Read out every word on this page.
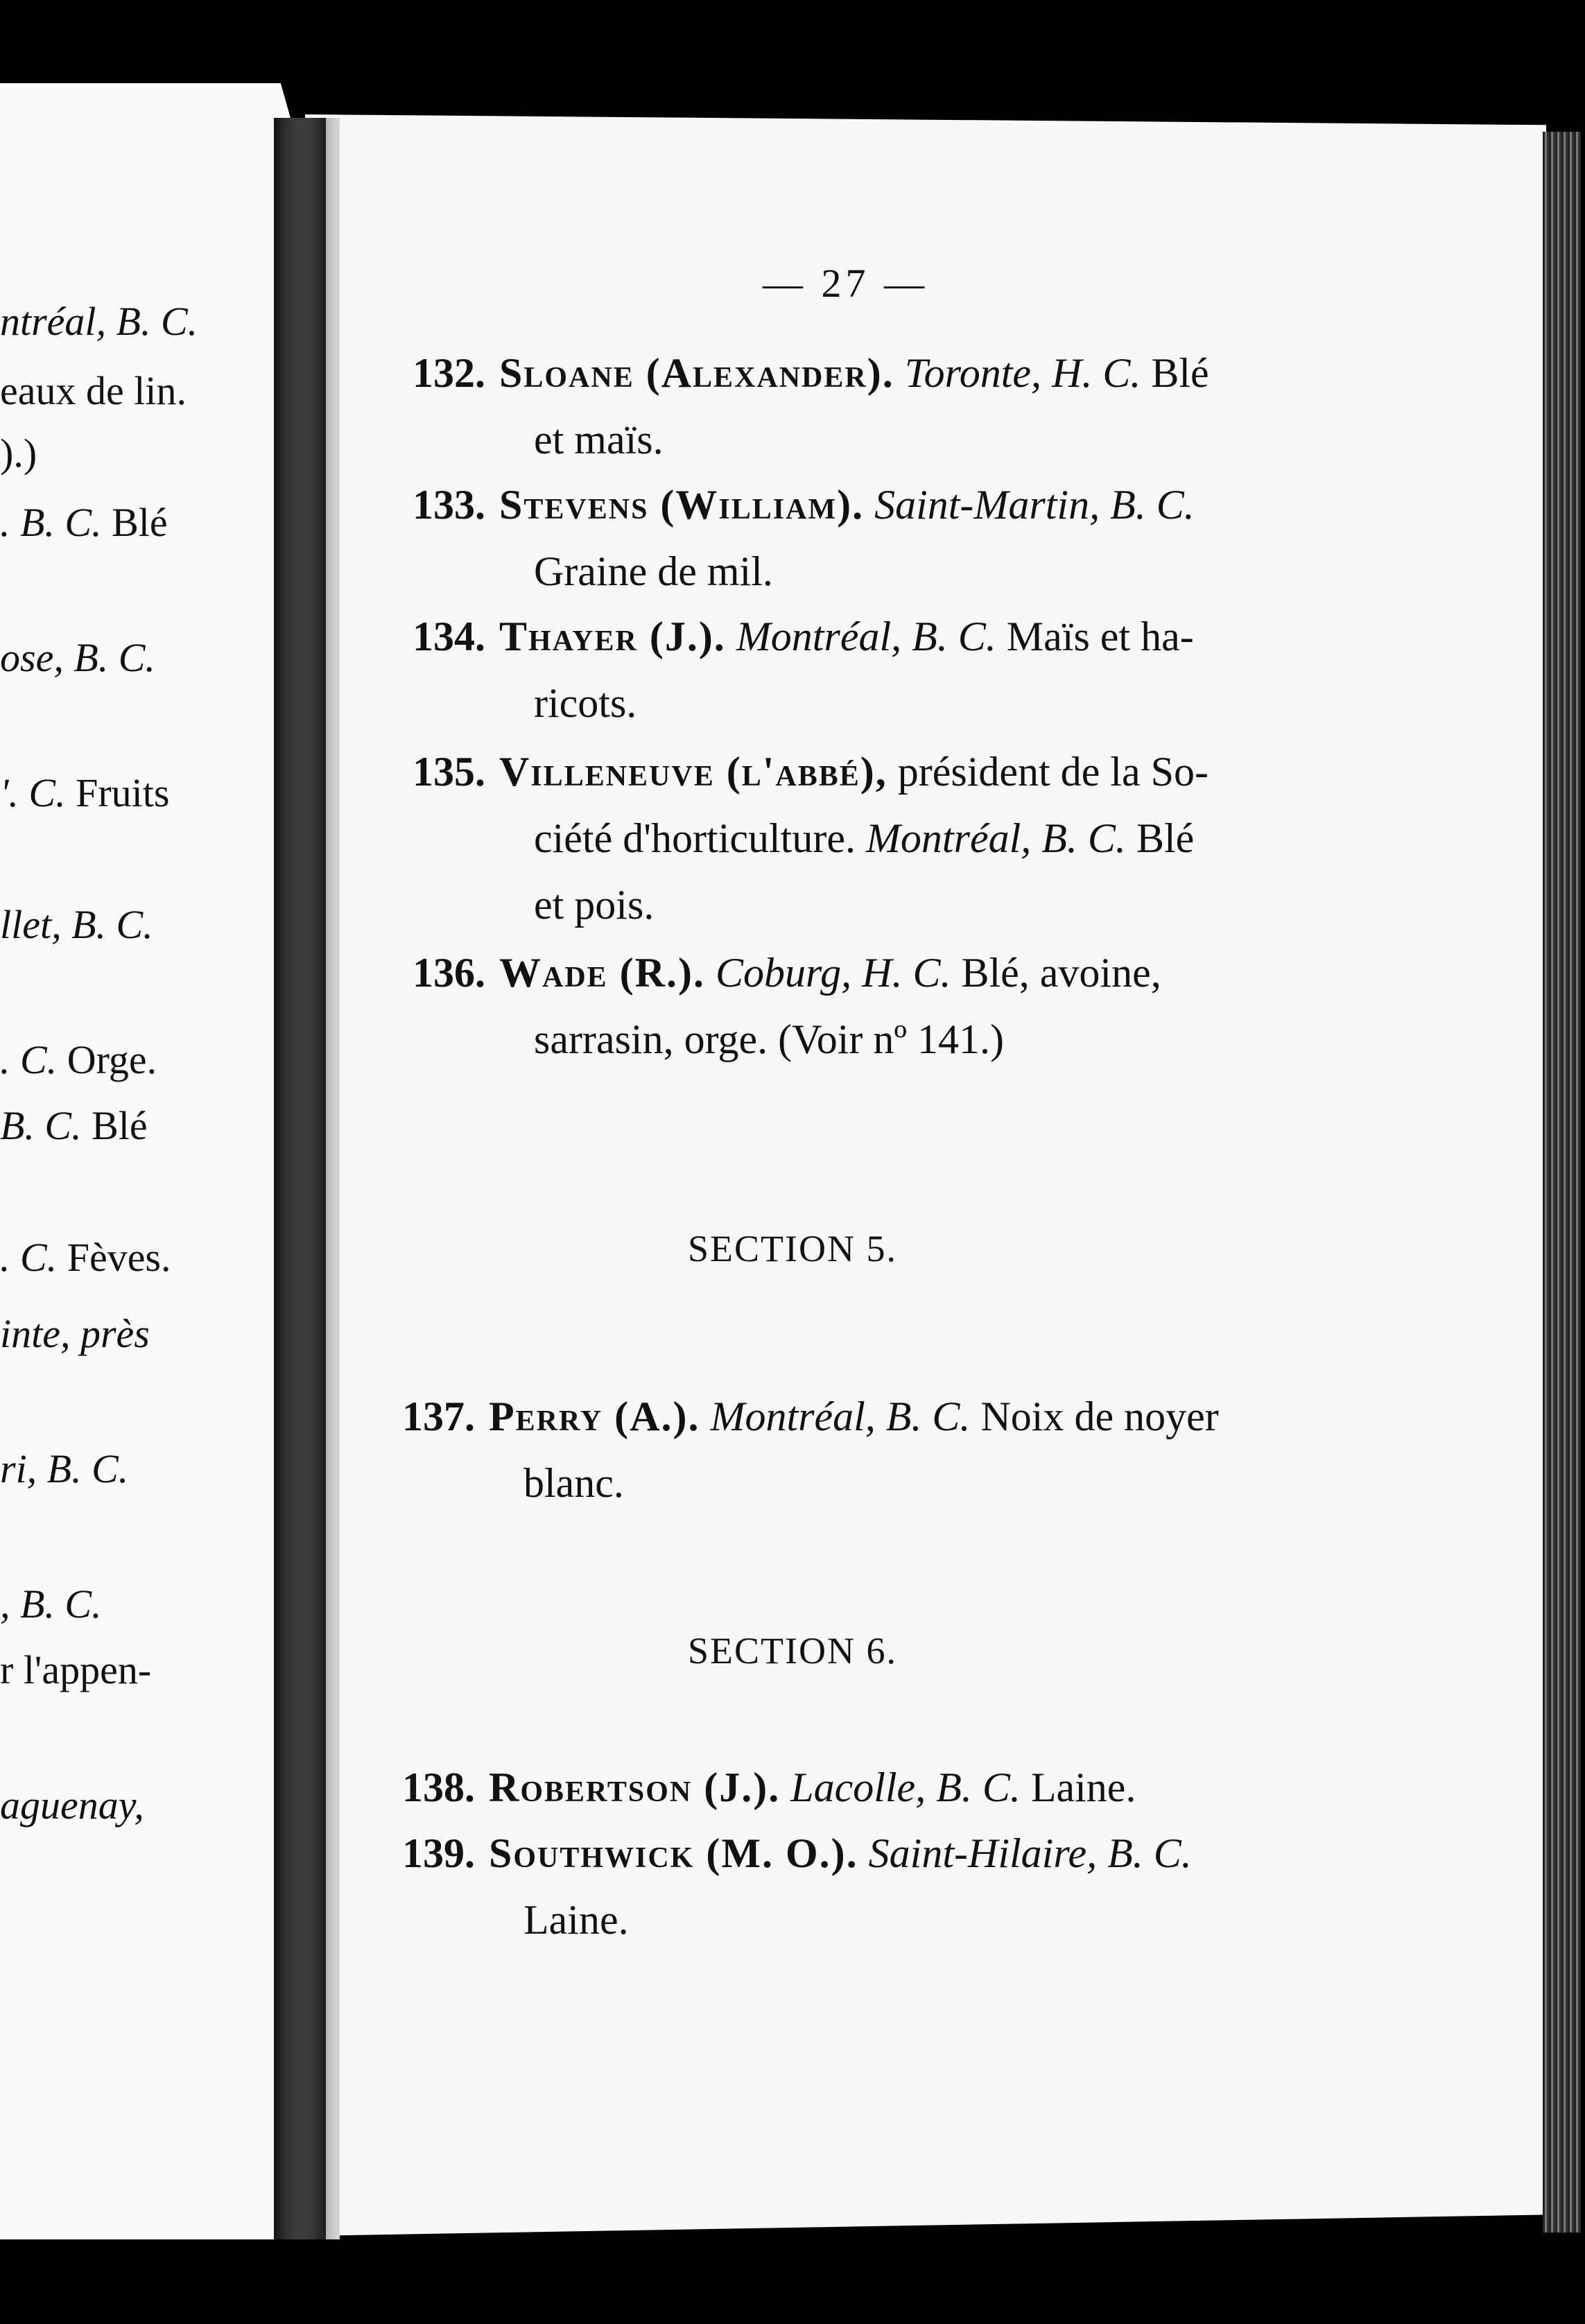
ntréal, B. C.
eaux de lin.
).)
. B. C. Blé
ose, B. C.
'. C. Fruits
llet, B. C.
. C. Orge.
B. C. Blé
. C. Fèves.
inte, près
ri, B. C.
, B. C.
r l'appen-
aguenay,
— 27 —
132. Sloane (Alexander). Toronte, H. C. Blé
et maïs.
133. Stevens (William). Saint-Martin, B. C.
Graine de mil.
134. Thayer (J.). Montréal, B. C. Maïs et ha-
ricots.
135. Villeneuve (l'abbé), président de la So-
ciété d'horticulture. Montréal, B. C. Blé
et pois.
136. Wade (R.). Coburg, H. C. Blé, avoine,
sarrasin, orge. (Voir nº 141.)
SECTION 5.
137. Perry (A.). Montréal, B. C. Noix de noyer
blanc.
SECTION 6.
138. Robertson (J.). Lacolle, B. C. Laine.
139. Southwick (M. O.). Saint-Hilaire, B. C.
Laine.
